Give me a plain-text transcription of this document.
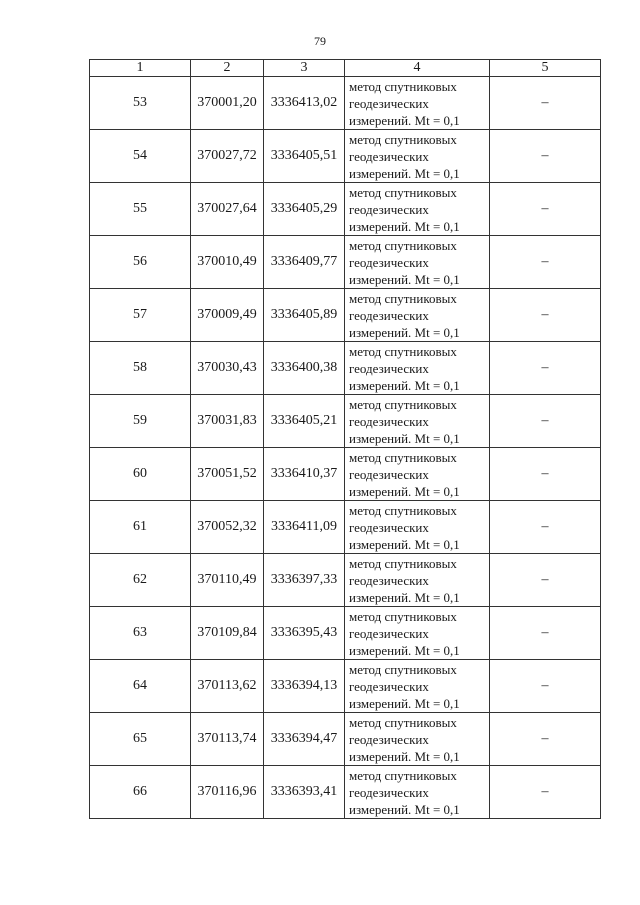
79
1	2	3	4	5
53	370001,20	3336413,02	метод спутниковых
геодезических
измерений. Mt = 0,1	–
54	370027,72	3336405,51	метод спутниковых
геодезических
измерений. Mt = 0,1	–
55	370027,64	3336405,29	метод спутниковых
геодезических
измерений. Mt = 0,1	–
56	370010,49	3336409,77	метод спутниковых
геодезических
измерений. Mt = 0,1	–
57	370009,49	3336405,89	метод спутниковых
геодезических
измерений. Mt = 0,1	–
58	370030,43	3336400,38	метод спутниковых
геодезических
измерений. Mt = 0,1	–
59	370031,83	3336405,21	метод спутниковых
геодезических
измерений. Mt = 0,1	–
60	370051,52	3336410,37	метод спутниковых
геодезических
измерений. Mt = 0,1	–
61	370052,32	3336411,09	метод спутниковых
геодезических
измерений. Mt = 0,1	–
62	370110,49	3336397,33	метод спутниковых
геодезических
измерений. Mt = 0,1	–
63	370109,84	3336395,43	метод спутниковых
геодезических
измерений. Mt = 0,1	–
64	370113,62	3336394,13	метод спутниковых
геодезических
измерений. Mt = 0,1	–
65	370113,74	3336394,47	метод спутниковых
геодезических
измерений. Mt = 0,1	–
66	370116,96	3336393,41	метод спутниковых
геодезических
измерений. Mt = 0,1	–
